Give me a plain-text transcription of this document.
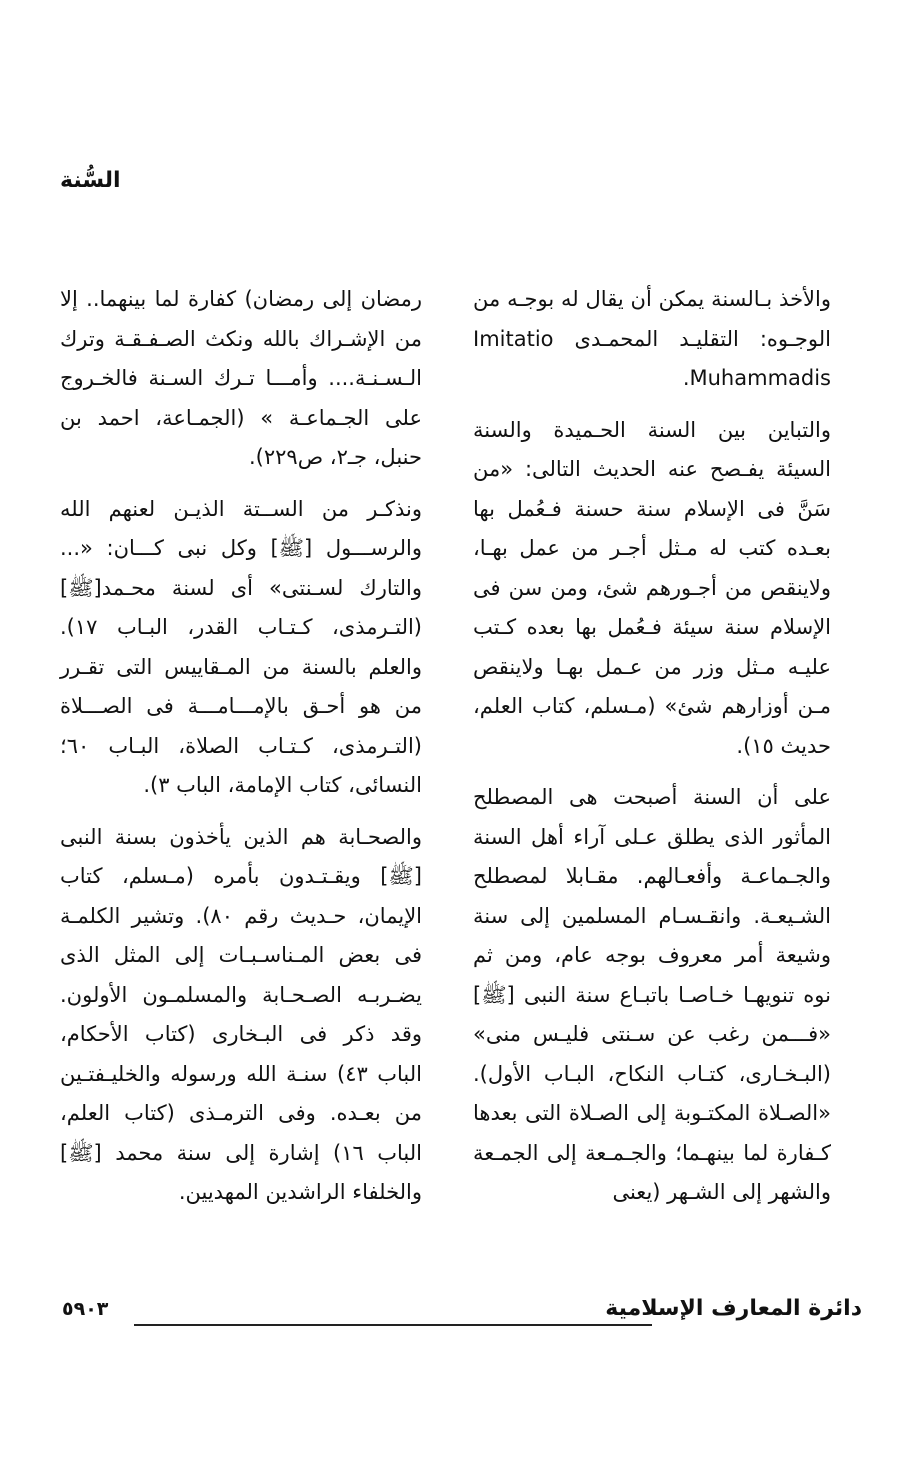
السُّنة

والأخذ بـالسنة يمكن أن يقال له بوجـه من الوجـوه: التقليـد المحمـدى Imitatio Muhammadis.

والتباين بين السنة الحـميدة والسنة السيئة يفـصح عنه الحديث التالى: «من سَنَّ فى الإسلام سنة حسنة فـعُمل بها بعـده كتب له مـثل أجـر من عمل بهـا، ولاينقص من أجـورهم شئ، ومن سن فى الإسلام سنة سيئة فـعُمل بها بعده كـتب عليـه مـثل وزر من عـمل بهـا ولاينقص مـن أوزارهم شئ» (مـسلم، كتاب العلم، حديث ١٥).

على أن السنة أصبحت هى المصطلح المأثور الذى يطلق عـلى آراء أهل السنة والجـماعـة وأفعـالهم. مقـابلا لمصطلح الشـيعـة. وانقـسـام المسلمين إلى سنة وشيعة أمر معروف بوجه عام، ومن ثم نوه تنويهـا خـاصـا باتبـاع سنة النبى [ﷺ] «فـــمن رغب عن سـنتى فليـس منى» (البـخـارى، كتـاب النكاح، البـاب الأول). «الصـلاة المكتـوبة إلى الصـلاة التى بعدها كـفارة لما بينهـما؛ والجـمـعة إلى الجمـعة والشهر إلى الشـهر (يعنى

رمضان إلى رمضان) كفارة لما بينهما.. إلا من الإشـراك بالله ونكث الصـفـقـة وترك الـسـنـة.... وأمـــا تـرك السـنة فالخـروج على الجـماعـة » (الجمـاعة، احمد بن حنبل، جـ٢، ص٢٢٩).

ونذكـر من الســتة الذيـن لعنهم الله والرســـول [ﷺ] وكل نبى كـــان: «... والتارك لسـنتى» أى لسنة محـمد[ﷺ] (التـرمذى، كـتـاب القدر، البـاب ١٧). والعلم بالسنة من المـقاييس التى تقـرر من هو أحـق بالإمـــامـــة فى الصـــلاة (التـرمذى، كـتـاب الصلاة، البـاب ٦٠؛ النسائى، كتاب الإمامة، الباب ٣).

والصحـابة هم الذين يأخذون بسنة النبى [ﷺ] ويقـتـدون بأمره (مـسلم، كتاب الإيمان، حـديث رقم ٨٠). وتشير الكلمـة فى بعض المـناسـبـات إلى المثل الذى يضـربـه الصـحـابة والمسلمـون الأولون. وقد ذكر فى البـخارى (كتاب الأحكام، الباب ٤٣) سنـة الله ورسوله والخليـفتـين من بعـده. وفى الترمـذى (كتاب العلم، الباب ١٦) إشارة إلى سنة محمد [ﷺ] والخلفاء الراشدين المهديين.

دائرة المعارف الإسلامية
٥٩٠٣
